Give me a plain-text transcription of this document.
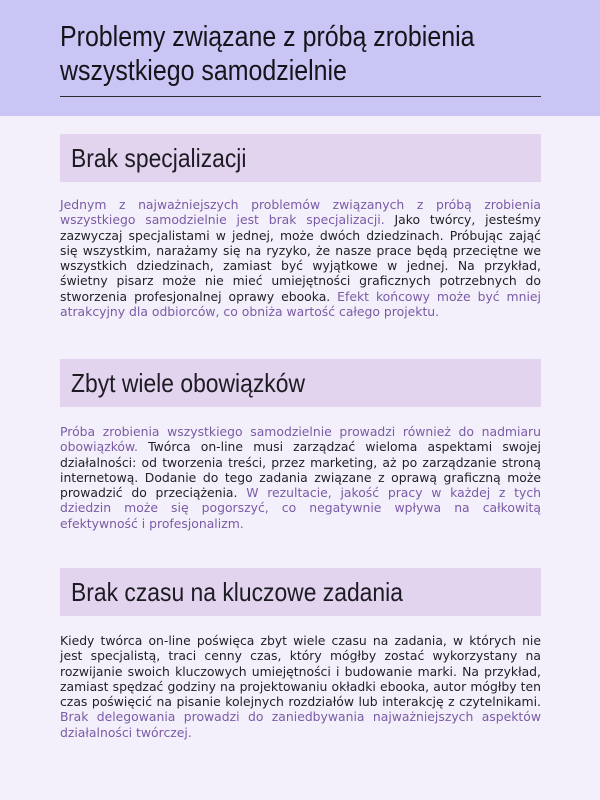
Problemy związane z próbą zrobienia wszystkiego samodzielnie
Brak specjalizacji

Jednym z najważniejszych problemów związanych z próbą zrobienia wszystkiego samodzielnie jest brak specjalizacji. Jako twórcy, jesteśmy zazwyczaj specjalistami w jednej, może dwóch dziedzinach. Próbując zająć się wszystkim, narażamy się na ryzyko, że nasze prace będą przeciętne we wszystkich dziedzinach, zamiast być wyjątkowe w jednej. Na przykład, świetny pisarz może nie mieć umiejętności graficznych potrzebnych do stworzenia profesjonalnej oprawy ebooka. Efekt końcowy może być mniej atrakcyjny dla odbiorców, co obniża wartość całego projektu.

Zbyt wiele obowiązków

Próba zrobienia wszystkiego samodzielnie prowadzi również do nadmiaru obowiązków. Twórca on-line musi zarządzać wieloma aspektami swojej działalności: od tworzenia treści, przez marketing, aż po zarządzanie stroną internetową. Dodanie do tego zadania związane z oprawą graficzną może prowadzić do przeciążenia. W rezultacie, jakość pracy w każdej z tych dziedzin może się pogorszyć, co negatywnie wpływa na całkowitą efektywność i profesjonalizm.

Brak czasu na kluczowe zadania

Kiedy twórca on-line poświęca zbyt wiele czasu na zadania, w których nie jest specjalistą, traci cenny czas, który mógłby zostać wykorzystany na rozwijanie swoich kluczowych umiejętności i budowanie marki. Na przykład, zamiast spędzać godziny na projektowaniu okładki ebooka, autor mógłby ten czas poświęcić na pisanie kolejnych rozdziałów lub interakcję z czytelnikami. Brak delegowania prowadzi do zaniedbywania najważniejszych aspektów działalności twórczej.
